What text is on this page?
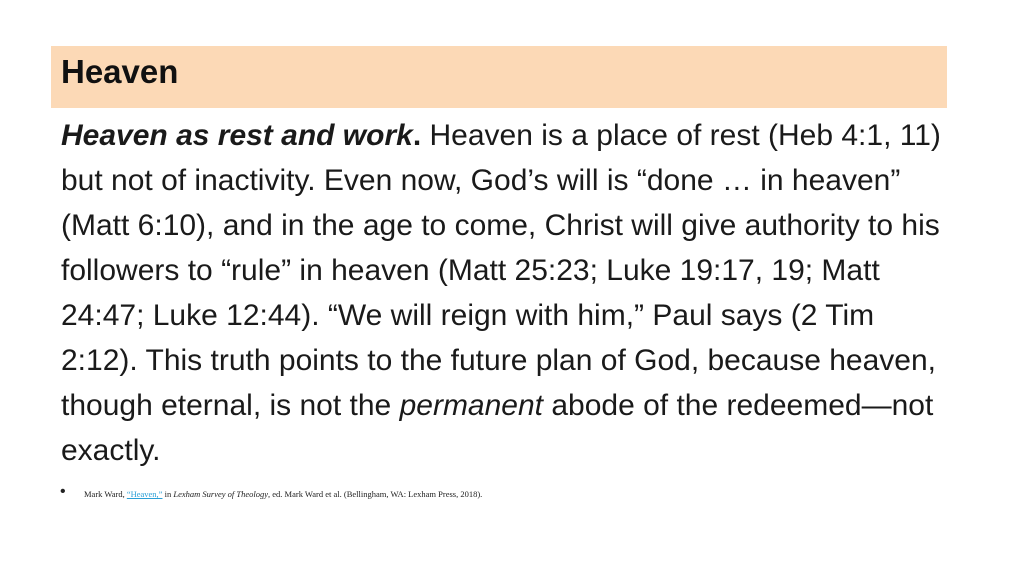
Heaven
Heaven as rest and work. Heaven is a place of rest (Heb 4:1, 11) but not of inactivity. Even now, God’s will is “done … in heaven” (Matt 6:10), and in the age to come, Christ will give authority to his followers to “rule” in heaven (Matt 25:23; Luke 19:17, 19; Matt 24:47; Luke 12:44). “We will reign with him,” Paul says (2 Tim 2:12). This truth points to the future plan of God, because heaven, though eternal, is not the permanent abode of the redeemed—not exactly.
• Mark Ward, “Heaven,” in Lexham Survey of Theology, ed. Mark Ward et al. (Bellingham, WA: Lexham Press, 2018).
